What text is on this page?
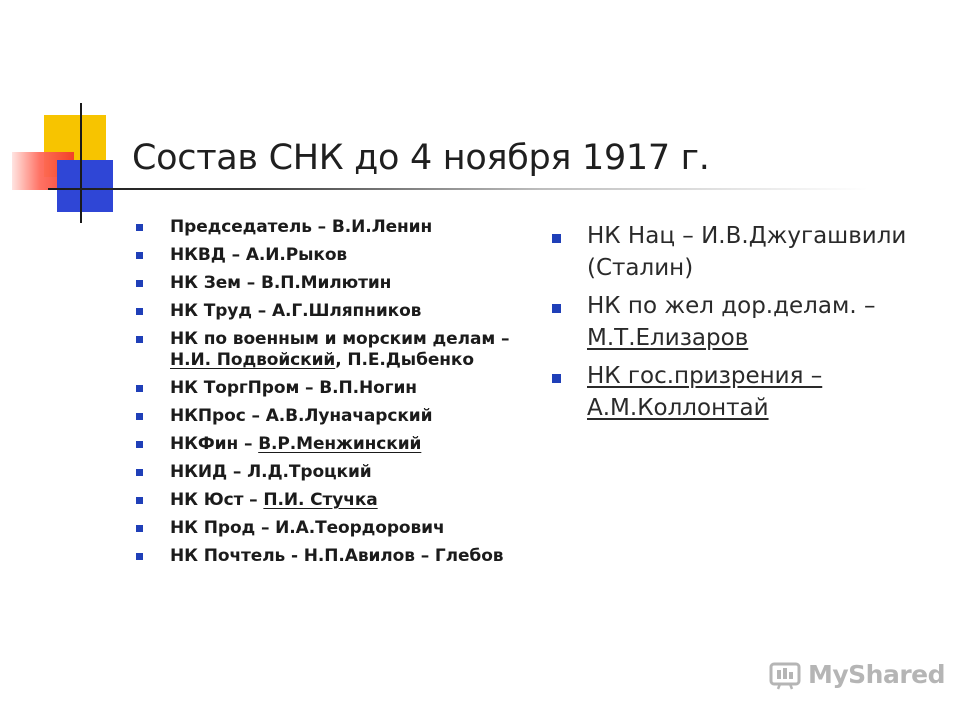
Состав СНК до 4 ноября 1917 г.
Председатель – В.И.Ленин
НКВД – А.И.Рыков
НК Зем – В.П.Милютин
НК Труд – А.Г.Шляпников
НК по военным и морским делам – Н.И. Подвойский, П.Е.Дыбенко
НК ТоргПром – В.П.Ногин
НКПрос – А.В.Луначарский
НКФин – В.Р.Менжинский
НКИД – Л.Д.Троцкий
НК Юст – П.И. Стучка
НК Прод – И.А.Теордорович
НК Почтель - Н.П.Авилов – Глебов
НК Нац – И.В.Джугашвили (Сталин)
НК по жел дор.делам. – М.Т.Елизаров
НК гос.призрения – А.М.Коллонтай
MyShared
